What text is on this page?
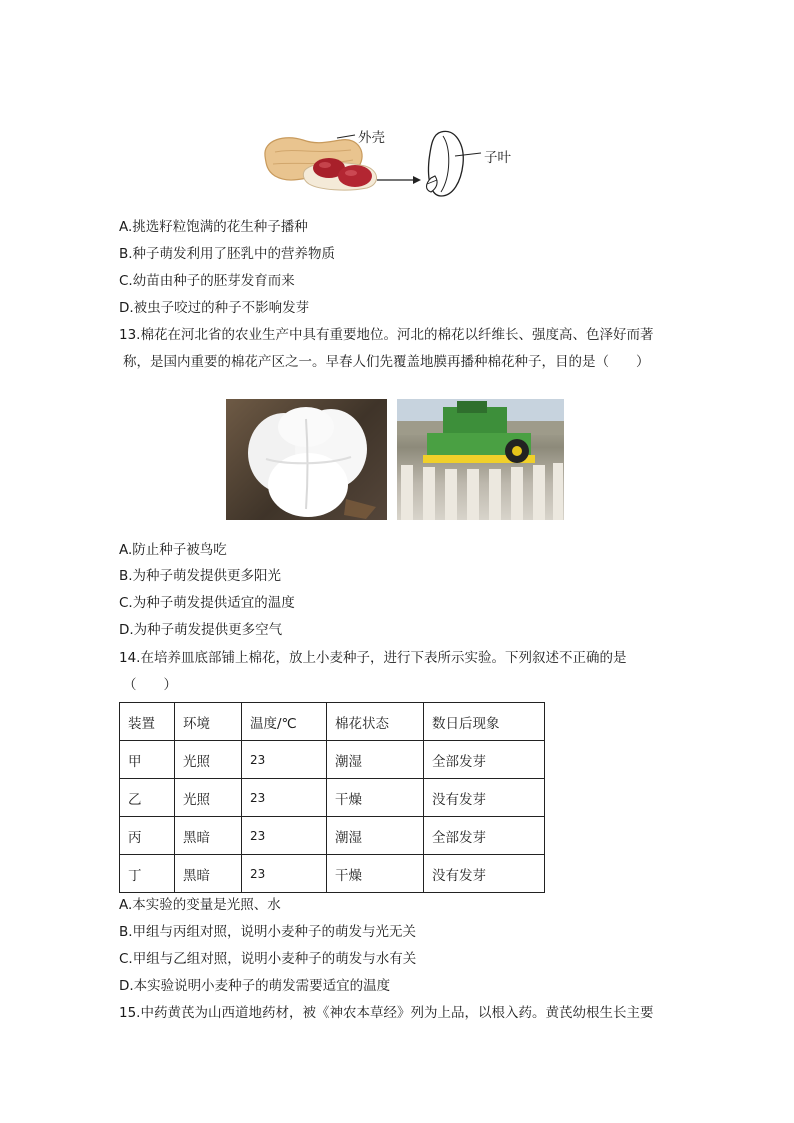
外壳
子叶
A.挑选籽粒饱满的花生种子播种
B.种子萌发利用了胚乳中的营养物质
C.幼苗由种子的胚芽发育而来
D.被虫子咬过的种子不影响发芽
13.棉花在河北省的农业生产中具有重要地位。河北的棉花以纤维长、强度高、色泽好而著
称，是国内重要的棉花产区之一。早春人们先覆盖地膜再播种棉花种子，目的是（　　）
A.防止种子被鸟吃
B.为种子萌发提供更多阳光
C.为种子萌发提供适宜的温度
D.为种子萌发提供更多空气
14.在培养皿底部铺上棉花，放上小麦种子，进行下表所示实验。下列叙述不正确的是
（　　）
装置	环境	温度/℃	棉花状态	数日后现象
甲	光照	23	潮湿	全部发芽
乙	光照	23	干燥	没有发芽
丙	黑暗	23	潮湿	全部发芽
丁	黑暗	23	干燥	没有发芽
A.本实验的变量是光照、水
B.甲组与丙组对照，说明小麦种子的萌发与光无关
C.甲组与乙组对照，说明小麦种子的萌发与水有关
D.本实验说明小麦种子的萌发需要适宜的温度
15.中药黄芪为山西道地药材，被《神农本草经》列为上品，以根入药。黄芪幼根生长主要
